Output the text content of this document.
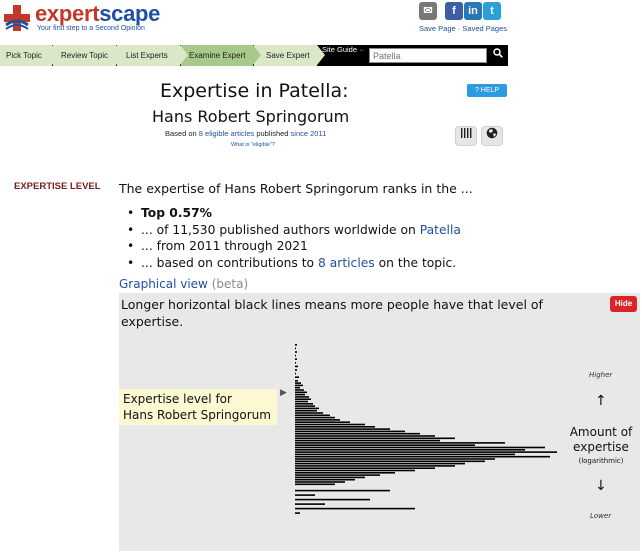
expertscape
Your first step to a Second Opinion
✉	f	in	t
Save Page · Saved Pages
Pick Topic	Review Topic	List Experts	Examine Expert	Save Expert
Site Guide ··
Patella
Expertise in Patella:
Hans Robert Springorum
Based on 8 eligible articles published since 2011
What is "eligible"?
? HELP
EXPERTISE LEVEL The expertise of Hans Robert Springorum ranks in the ...
• Top 0.57%
• ... of 11,530 published authors worldwide on Patella
• ... from 2011 through 2021
• ... based on contributions to 8 articles on the topic.
Graphical view (beta)
Longer horizontal black lines means more people have that level of expertise.
Hide
Expertise level for
Hans Robert Springorum
▶
Higher
↑
Amount of expertise
(logarithmic)
↓
Lower
